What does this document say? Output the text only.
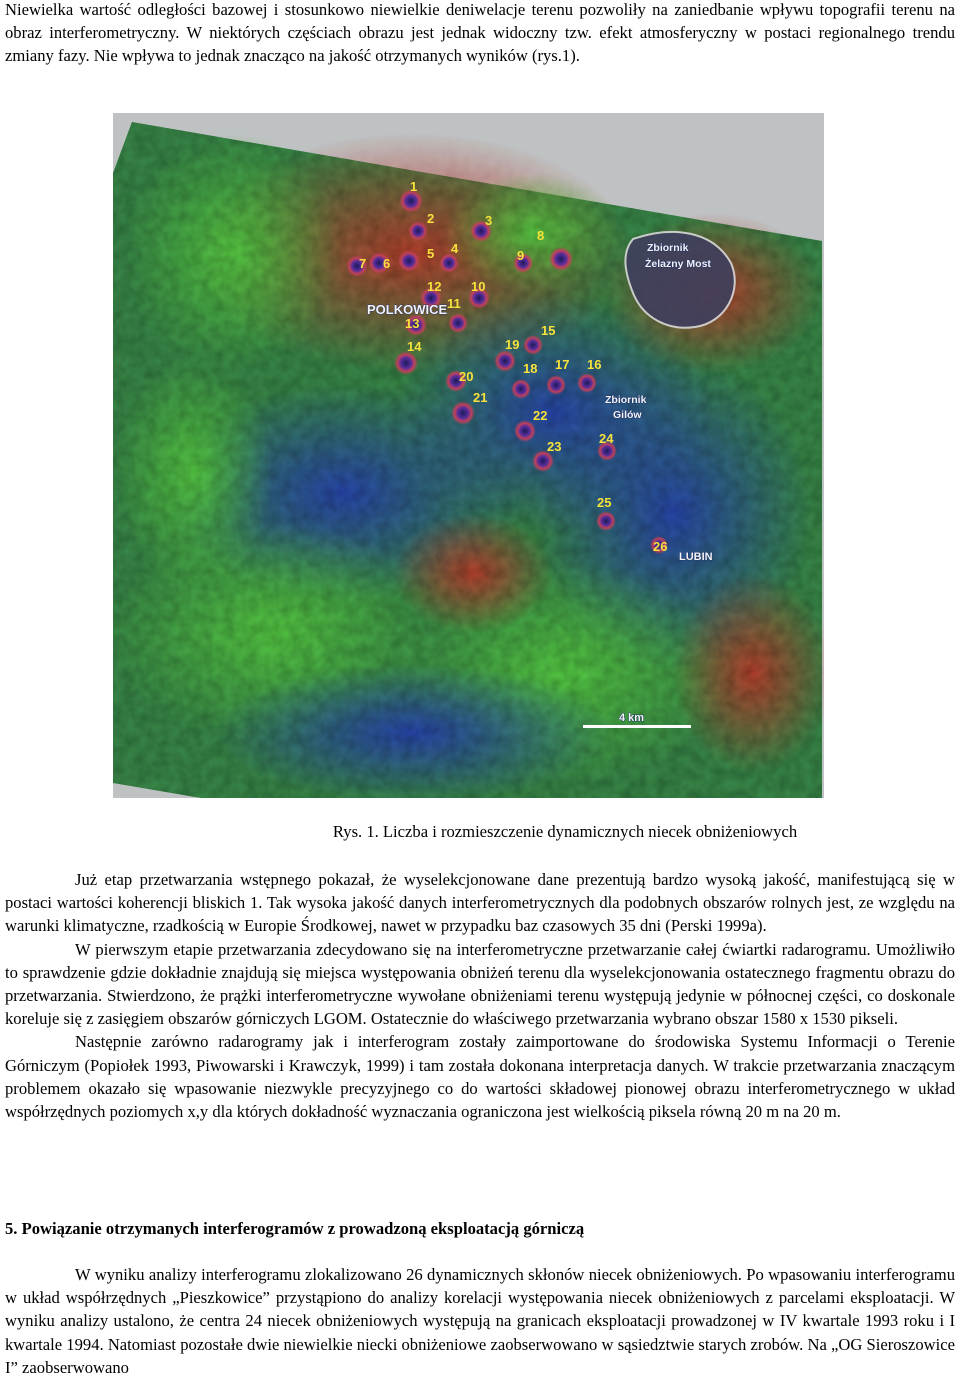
Niewielka wartość odległości bazowej i stosunkowo niewielkie deniwelacje terenu pozwoliły na zaniedbanie wpływu topografii terenu na obraz interferometryczny. W niektórych częściach obrazu jest jednak widoczny tzw. efekt atmosferyczny w postaci regionalnego trendu zmiany fazy. Nie wpływa to jednak znacząco na jakość otrzymanych wyników (rys.1).

1
2	3
4
5
6
7
8
9
10
11
12
13
14
15
16
17
18
19
20
21
22
23
24
25
26
POLKOWICE
Zbiornik
Żelazny Most
Zbiornik
Gilów
LUBIN
4 km
Rys. 1. Liczba i rozmieszczenie dynamicznych niecek obniżeniowych

Już etap przetwarzania wstępnego pokazał, że wyselekcjonowane dane prezentują bardzo wysoką jakość, manifestującą się w postaci wartości koherencji bliskich 1. Tak wysoka jakość danych interferometrycznych dla podobnych obszarów rolnych jest, ze względu na warunki klimatyczne, rzadkością w Europie Środkowej, nawet w przypadku baz czasowych 35 dni (Perski 1999a).

W pierwszym etapie przetwarzania zdecydowano się na interferometryczne przetwarzanie całej ćwiartki radarogramu. Umożliwiło to sprawdzenie gdzie dokładnie znajdują się miejsca występowania obniżeń terenu dla wyselekcjonowania ostatecznego fragmentu obrazu do przetwarzania. Stwierdzono, że prążki interferometryczne wywołane obniżeniami terenu występują jedynie w północnej części, co doskonale koreluje się z zasięgiem obszarów górniczych LGOM. Ostatecznie do właściwego przetwarzania wybrano obszar 1580 x 1530 pikseli.

Następnie zarówno radarogramy jak i interferogram zostały zaimportowane do środowiska Systemu Informacji o Terenie Górniczym (Popiołek 1993, Piwowarski i Krawczyk, 1999) i tam została dokonana interpretacja danych. W trakcie przetwarzania znaczącym problemem okazało się wpasowanie niezwykle precyzyjnego co do wartości składowej pionowej obrazu interferometrycznego w układ współrzędnych poziomych x,y dla których dokładność wyznaczania ograniczona jest wielkością piksela równą 20 m na 20 m.

5. Powiązanie otrzymanych interferogramów z prowadzoną eksploatacją górniczą

W wyniku analizy interferogramu zlokalizowano 26 dynamicznych skłonów niecek obniżeniowych. Po wpasowaniu interferogramu w układ współrzędnych „Pieszkowice” przystąpiono do analizy korelacji występowania niecek obniżeniowych z parcelami eksploatacji. W wyniku analizy ustalono, że centra 24 niecek obniżeniowych występują na granicach eksploatacji prowadzonej w IV kwartale 1993 roku i I kwartale 1994. Natomiast pozostałe dwie niewielkie niecki obniżeniowe zaobserwowano w sąsiedztwie starych zrobów. Na „OG Sieroszowice I” zaobserwowano
